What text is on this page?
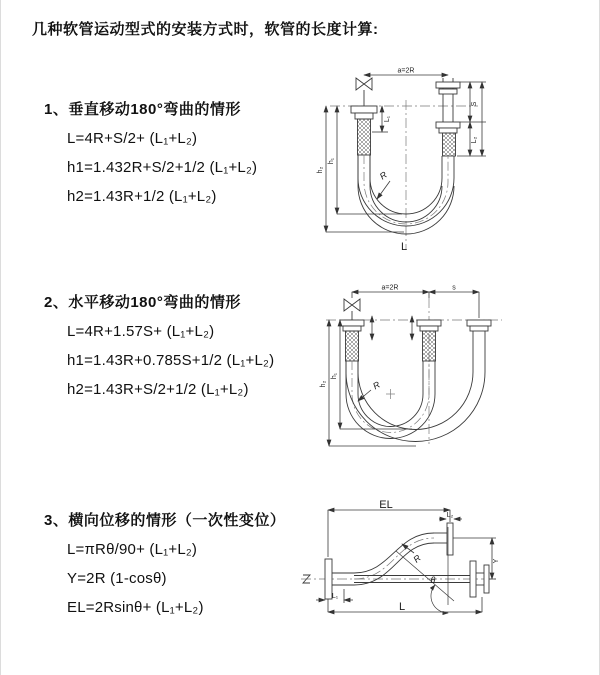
几种软管运动型式的安装方式时，软管的长度计算:
1、垂直移动180°弯曲的情形
L=4R+S/2+ (L₁+L₂)
h1=1.432R+S/2+1/2 (L₁+L₂)
h2=1.43R+1/2 (L₁+L₂)
2、水平移动180°弯曲的情形
L=4R+1.57S+ (L₁+L₂)
h1=1.43R+0.785S+1/2 (L₁+L₂)
h2=1.43R+S/2+1/2 (L₁+L₂)
3、横向位移的情形（一次性变位）
L=πRθ/90+ (L₁+L₂)
Y=2R (1-cosθ)
EL=2Rsinθ+ (L₁+L₂)
a=2R
L₁
S
L₂
h₁
h₂	R
L
a=2R	s
h₁
h₂	R
EL
L₂
Y
R
θ
L
L₁
